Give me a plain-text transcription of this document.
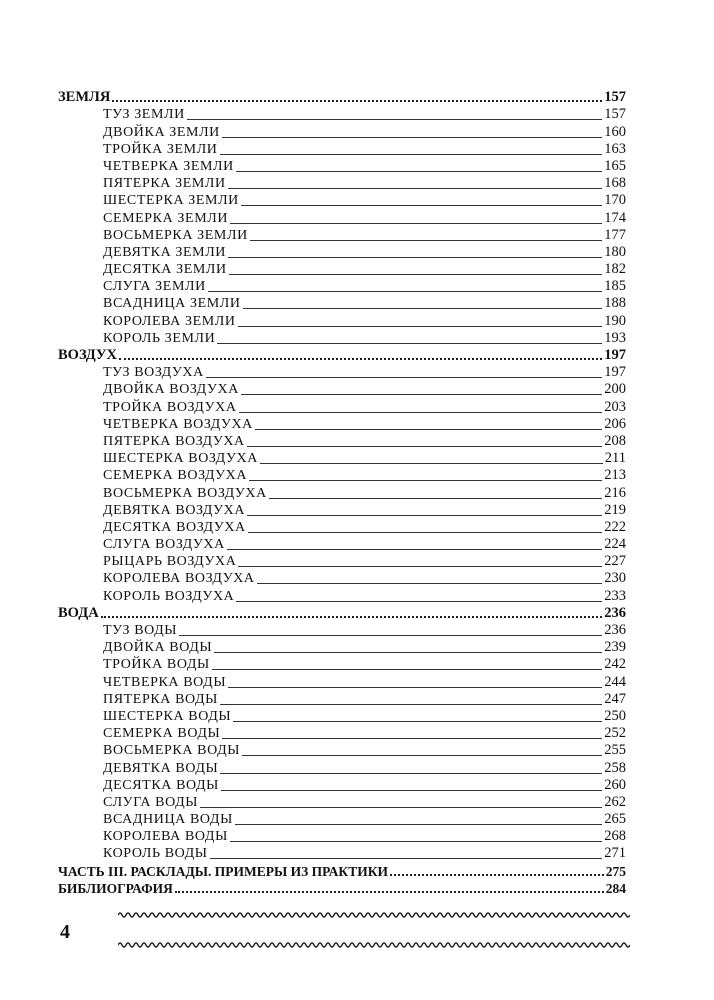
ЗЕМЛЯ	157
ТУЗ ЗЕМЛИ	157
ДВОЙКА ЗЕМЛИ	160
ТРОЙКА ЗЕМЛИ	163
ЧЕТВЕРКА ЗЕМЛИ	165
ПЯТЕРКА ЗЕМЛИ	168
ШЕСТЕРКА ЗЕМЛИ	170
СЕМЕРКА ЗЕМЛИ	174
ВОСЬМЕРКА ЗЕМЛИ	177
ДЕВЯТКА ЗЕМЛИ	180
ДЕСЯТКА ЗЕМЛИ	182
СЛУГА ЗЕМЛИ	185
ВСАДНИЦА ЗЕМЛИ	188
КОРОЛЕВА ЗЕМЛИ	190
КОРОЛЬ ЗЕМЛИ	193
ВОЗДУХ	197
ТУЗ ВОЗДУХА	197
ДВОЙКА ВОЗДУХА	200
ТРОЙКА ВОЗДУХА	203
ЧЕТВЕРКА ВОЗДУХА	206
ПЯТЕРКА ВОЗДУХА	208
ШЕСТЕРКА ВОЗДУХА	211
СЕМЕРКА ВОЗДУХА	213
ВОСЬМЕРКА ВОЗДУХА	216
ДЕВЯТКА ВОЗДУХА	219
ДЕСЯТКА ВОЗДУХА	222
СЛУГА ВОЗДУХА	224
РЫЦАРЬ ВОЗДУХА	227
КОРОЛЕВА ВОЗДУХА	230
КОРОЛЬ ВОЗДУХА	233
ВОДА	236
ТУЗ ВОДЫ	236
ДВОЙКА ВОДЫ	239
ТРОЙКА ВОДЫ	242
ЧЕТВЕРКА ВОДЫ	244
ПЯТЕРКА ВОДЫ	247
ШЕСТЕРКА ВОДЫ	250
СЕМЕРКА ВОДЫ	252
ВОСЬМЕРКА ВОДЫ	255
ДЕВЯТКА ВОДЫ	258
ДЕСЯТКА ВОДЫ	260
СЛУГА ВОДЫ	262
ВСАДНИЦА ВОДЫ	265
КОРОЛЕВА ВОДЫ	268
КОРОЛЬ ВОДЫ	271
ЧАСТЬ III. РАСКЛАДЫ. ПРИМЕРЫ ИЗ ПРАКТИКИ	275
БИБЛИОГРАФИЯ	284
4
